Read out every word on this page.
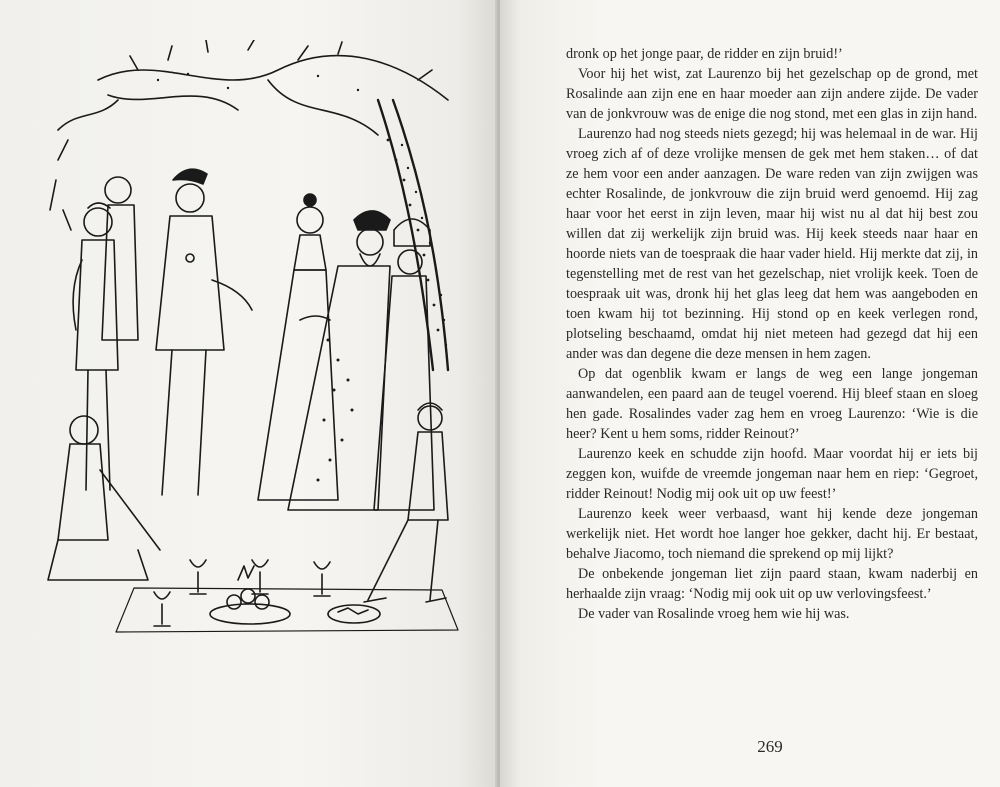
dronk op het jonge paar, de ridder en zijn bruid!’

Voor hij het wist, zat Laurenzo bij het gezelschap op de grond, met Rosalinde aan zijn ene en haar moeder aan zijn andere zijde. De vader van de jonkvrouw was de enige die nog stond, met een glas in zijn hand.

Laurenzo had nog steeds niets gezegd; hij was helemaal in de war. Hij vroeg zich af of deze vrolijke mensen de gek met hem staken… of dat ze hem voor een ander aanzagen. De ware reden van zijn zwijgen was echter Rosalinde, de jonkvrouw die zijn bruid werd genoemd. Hij zag haar voor het eerst in zijn leven, maar hij wist nu al dat hij best zou willen dat zij werkelijk zijn bruid was. Hij keek steeds naar haar en hoorde niets van de toespraak die haar vader hield. Hij merkte dat zij, in tegenstelling met de rest van het gezelschap, niet vrolijk keek. Toen de toespraak uit was, dronk hij het glas leeg dat hem was aangeboden en toen kwam hij tot bezinning. Hij stond op en keek verlegen rond, plotseling beschaamd, omdat hij niet meteen had gezegd dat hij een ander was dan degene die deze mensen in hem zagen.

Op dat ogenblik kwam er langs de weg een lange jongeman aanwandelen, een paard aan de teugel voerend. Hij bleef staan en sloeg hen gade. Rosalindes vader zag hem en vroeg Laurenzo: ‘Wie is die heer? Kent u hem soms, ridder Reinout?’

Laurenzo keek en schudde zijn hoofd. Maar voordat hij er iets bij zeggen kon, wuifde de vreemde jongeman naar hem en riep: ‘Gegroet, ridder Reinout! Nodig mij ook uit op uw feest!’

Laurenzo keek weer verbaasd, want hij kende deze jongeman werkelijk niet. Het wordt hoe langer hoe gekker, dacht hij. Er bestaat, behalve Jiacomo, toch niemand die sprekend op mij lijkt?

De onbekende jongeman liet zijn paard staan, kwam naderbij en herhaalde zijn vraag: ‘Nodig mij ook uit op uw verlovingsfeest.’

De vader van Rosalinde vroeg hem wie hij was.

269
